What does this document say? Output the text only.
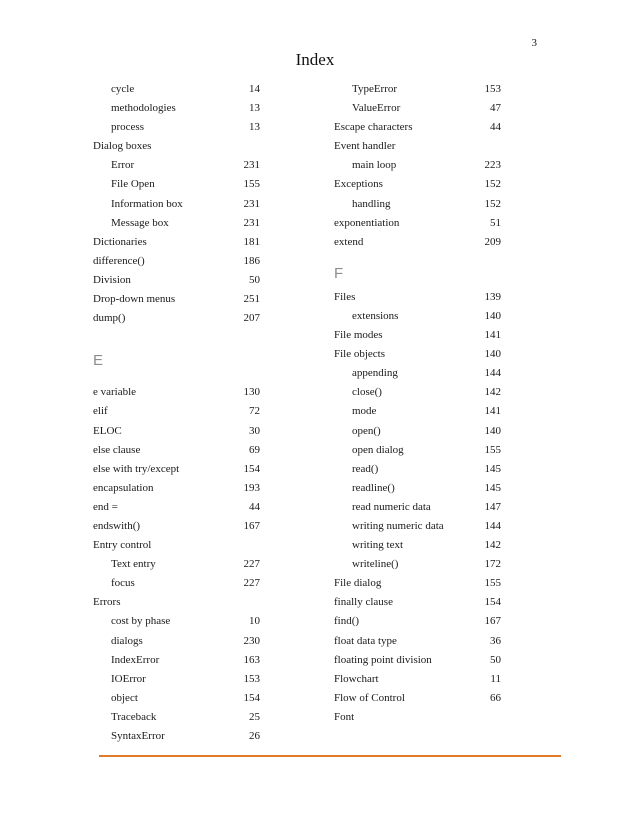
3
Index
cycle	14
methodologies	13
process	13
Dialog boxes
Error	231
File Open	155
Information box	231
Message box	231
Dictionaries	181
difference()	186
Division	50
Drop-down menus	251
dump()	207
E
e variable	130
elif	72
ELOC	30
else clause	69
else with try/except	154
encapsulation	193
end =	44
endswith()	167
Entry control
Text entry	227
focus	227
Errors
cost by phase	10
dialogs	230
IndexError	163
IOError	153
object	154
Traceback	25
SyntaxError	26
TypeError	153
ValueError	47
Escape characters	44
Event handler
main loop	223
Exceptions	152
handling	152
exponentiation	51
extend	209
F
Files	139
extensions	140
File modes	141
File objects	140
appending	144
close()	142
mode	141
open()	140
open dialog	155
read()	145
readline()	145
read numeric data	147
writing numeric data	144
writing text	142
writeline()	172
File dialog	155
finally clause	154
find()	167
float data type	36
floating point division	50
Flowchart	11
Flow of Control	66
Font
